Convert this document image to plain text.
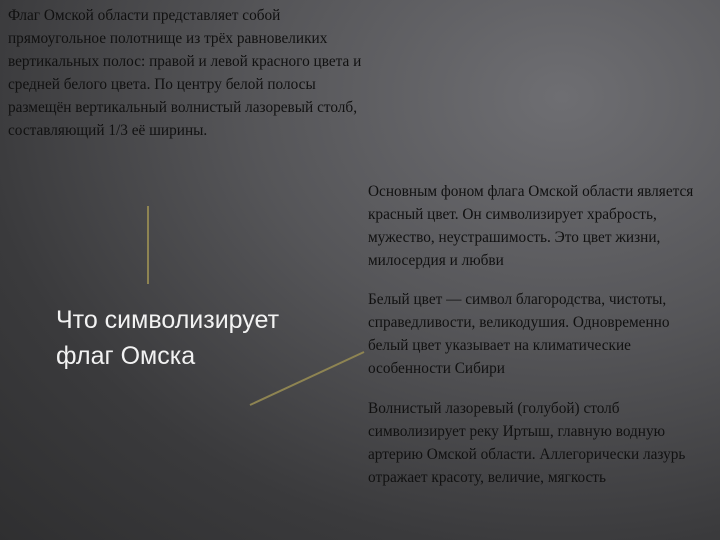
Флаг Омской области представляет собой прямоугольное полотнище из трёх равновеликих вертикальных полос: правой и левой красного цвета и средней белого цвета. По центру белой полосы размещён вертикальный волнистый лазоревый столб, составляющий 1/3 её ширины.

Что символизирует флаг Омска

Основным фоном флага Омской области является красный цвет. Он символизирует храбрость, мужество, неустрашимость. Это цвет жизни, милосердия и любви

Белый цвет — символ благородства, чистоты, справедливости, великодушия. Одновременно белый цвет указывает на климатические особенности Сибири

Волнистый лазоревый (голубой) столб символизирует реку Иртыш, главную водную артерию Омской области. Аллегорически лазурь отражает красоту, величие, мягкость
